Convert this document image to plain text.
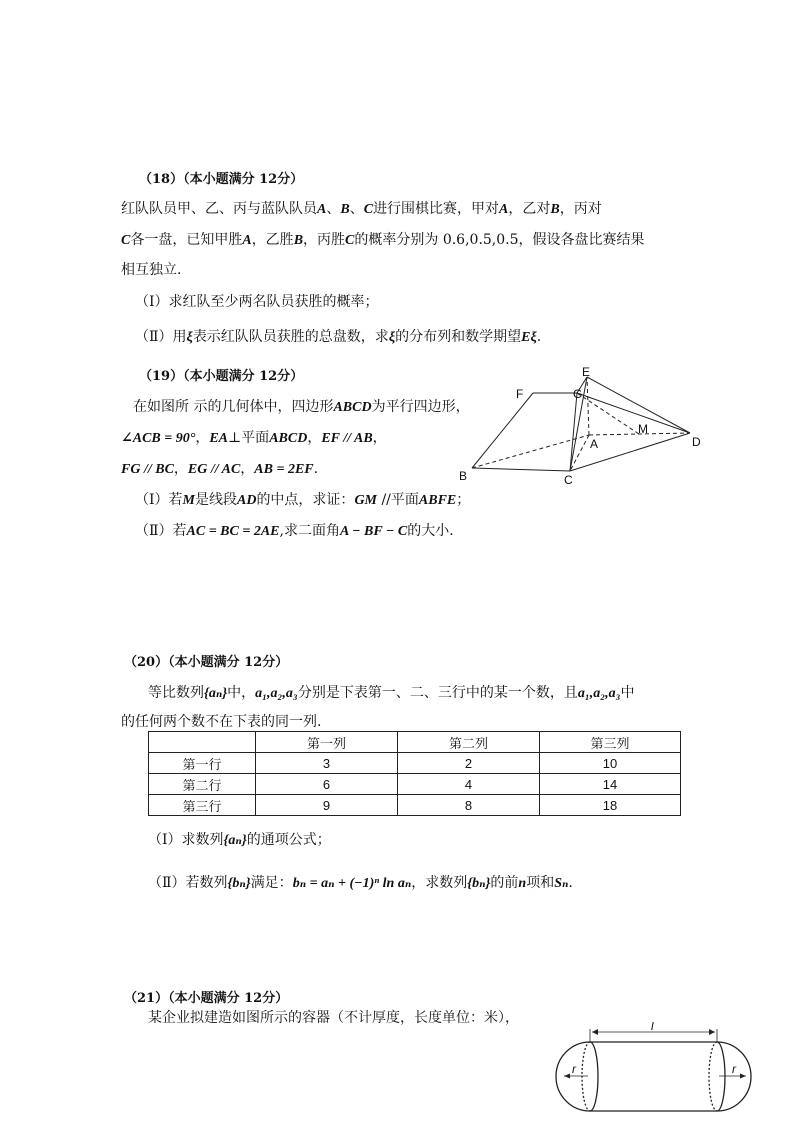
（18）（本小题满分 12分）
红队队员甲、乙、丙与蓝队队员A、B、C进行围棋比赛，甲对A，乙对B，丙对
C各一盘，已知甲胜A，乙胜B，丙胜C的概率分别为 0.6,0.5,0.5，假设各盘比赛结果
相互独立.
（Ⅰ）求红队至少两名队员获胜的概率；
（Ⅱ）用ξ表示红队队员获胜的总盘数，求ξ的分布列和数学期望Eξ.
（19）（本小题满分 12分）
在如图所 示的几何体中，四边形ABCD为平行四边形，
∠ACB = 90°，EA⊥平面ABCD，EF // AB，
FG // BC，EG // AC，AB = 2EF.
（Ⅰ）若M是线段AD的中点，求证：GM //平面ABFE；
（Ⅱ）若AC = BC = 2AE,求二面角A − BF − C的大小.
E
F	G
A
M
D
B	C
（20）（本小题满分 12分）
等比数列{aₙ}中，a₁,a₂,a₃分别是下表第一、二、三行中的某一个数，且a₁,a₂,a₃中
的任何两个数不在下表的同一列.
	第一列	第二列	第三列
第一行	3	2	10
第二行	6	4	14
第三行	9	8	18
（Ⅰ）求数列{aₙ}的通项公式；
（Ⅱ）若数列{bₙ}满足：bₙ = aₙ + (−1)ⁿ ln aₙ，求数列{bₙ}的前n项和Sₙ.
（21）（本小题满分 12分）
某企业拟建造如图所示的容器（不计厚度，长度单位：米），	l
r	r
